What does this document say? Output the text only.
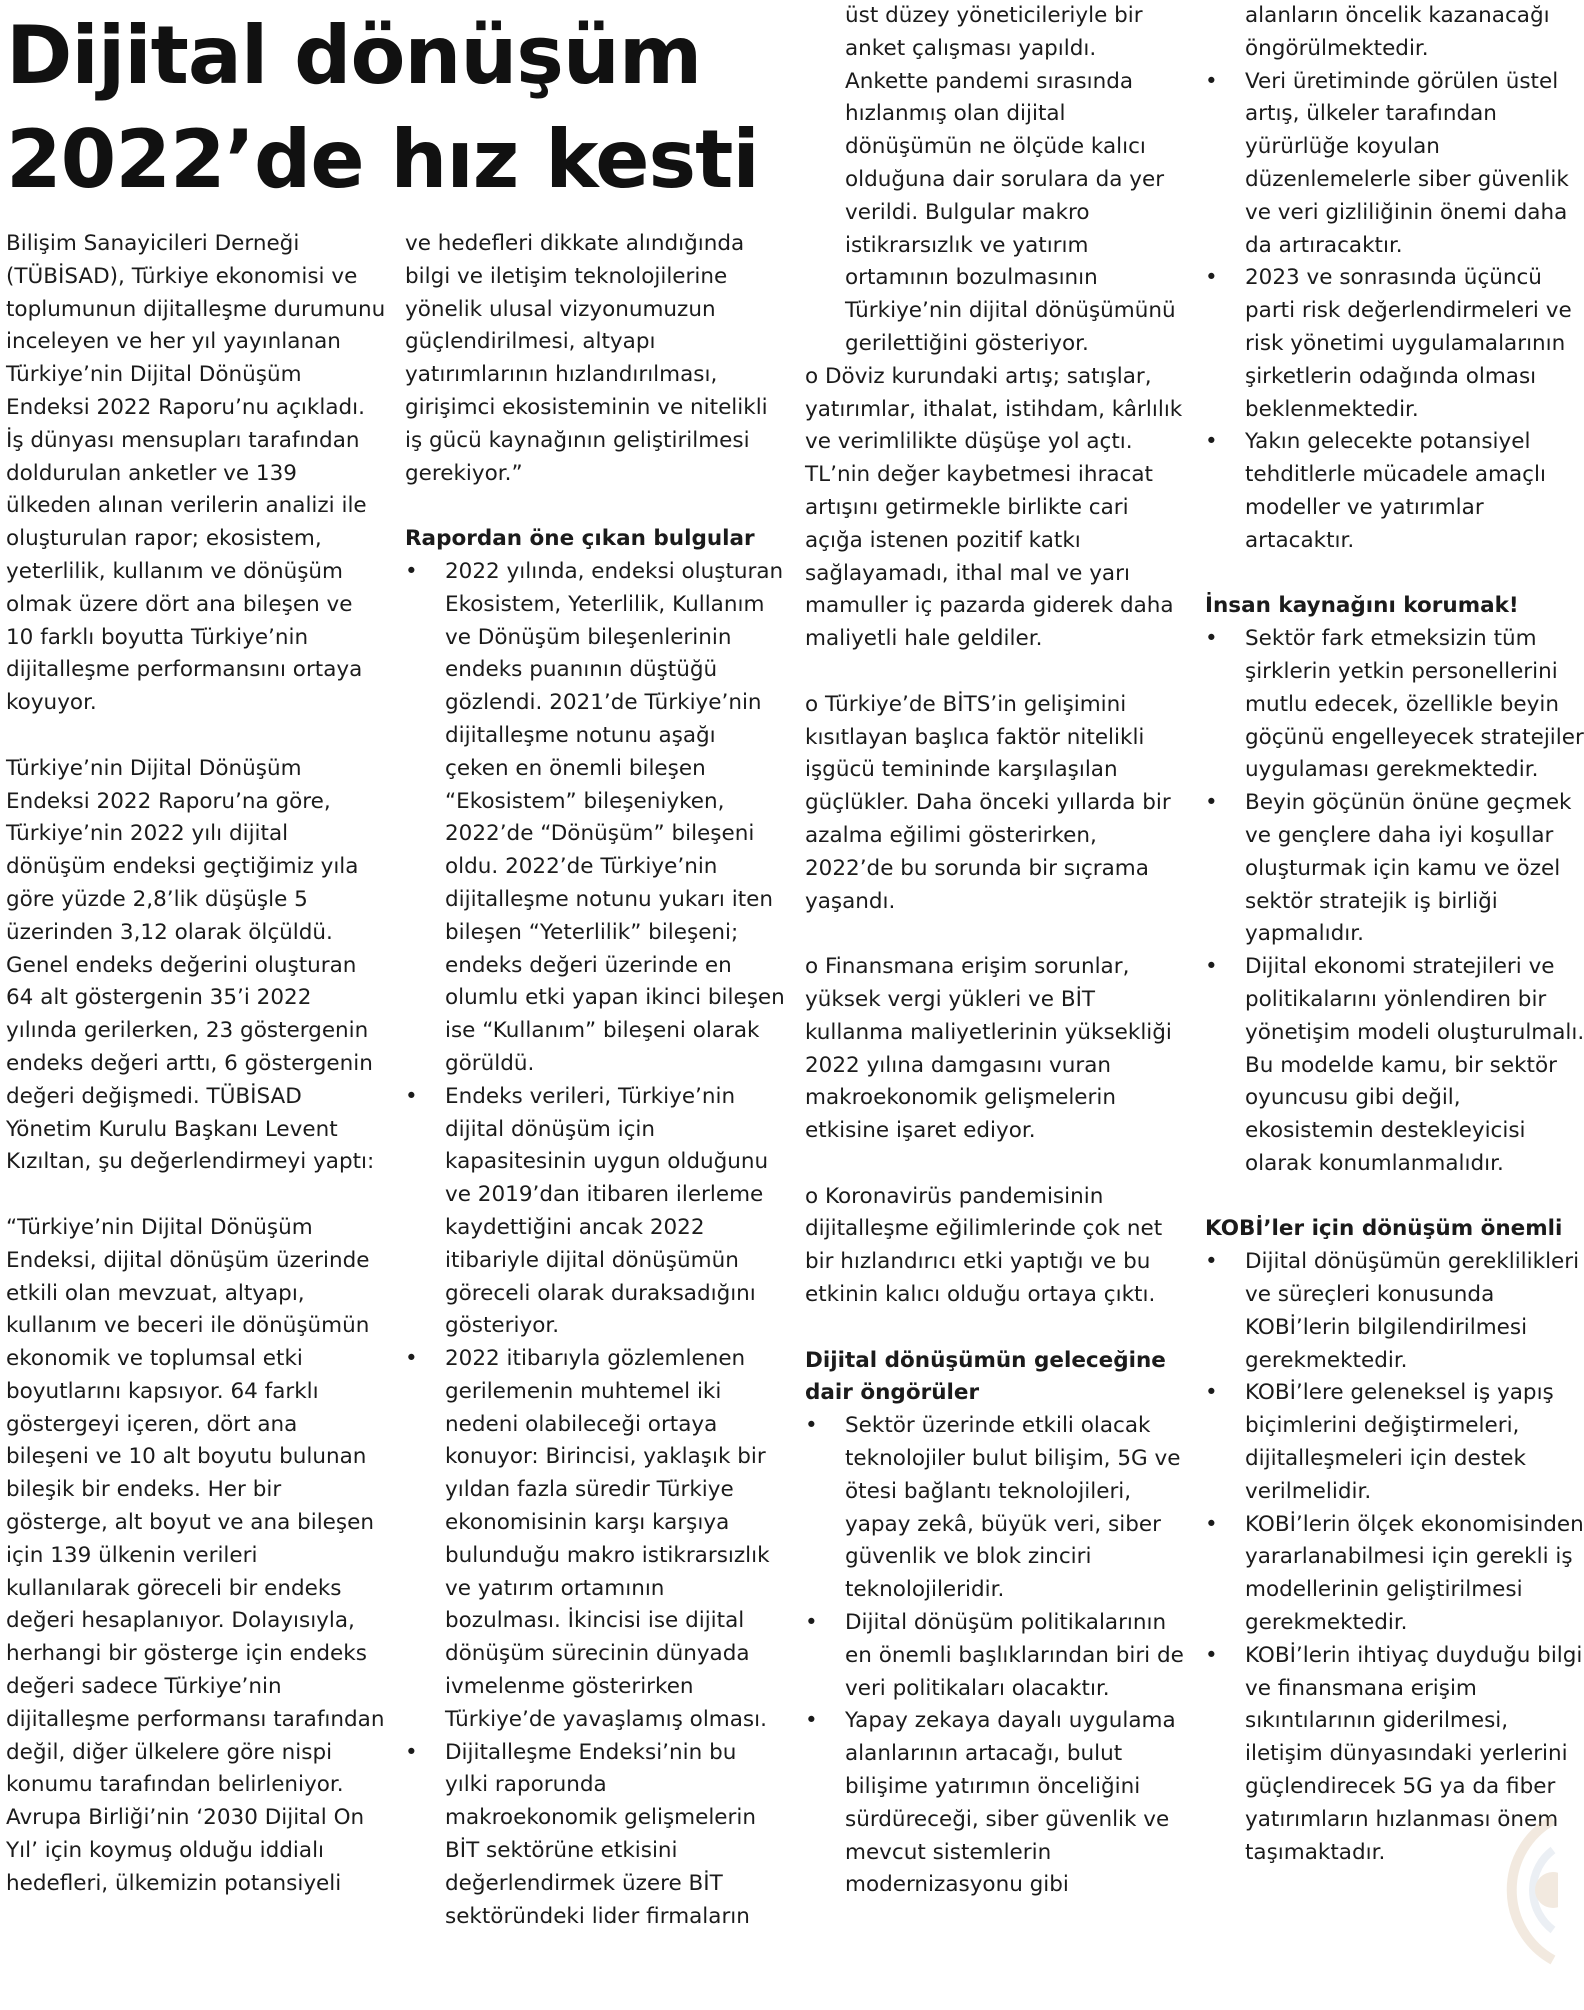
Dijital dönüşüm
2022’de hız kesti

Bilişim Sanayicileri Derneği (TÜBİSAD), Türkiye ekonomisi ve toplumunun dijitalleşme durumunu inceleyen ve her yıl yayınlanan Türkiye’nin Dijital Dönüşüm Endeksi 2022 Raporu’nu açıkladı. İş dünyası mensupları tarafından doldurulan anketler ve 139 ülkeden alınan verilerin analizi ile oluşturulan rapor; ekosistem, yeterlilik, kullanım ve dönüşüm olmak üzere dört ana bileşen ve 10 farklı boyutta Türkiye’nin dijitalleşme performansını ortaya koyuyor.

Türkiye’nin Dijital Dönüşüm Endeksi 2022 Raporu’na göre, Türkiye’nin 2022 yılı dijital dönüşüm endeksi geçtiğimiz yıla göre yüzde 2,8’lik düşüşle 5 üzerinden 3,12 olarak ölçüldü. Genel endeks değerini oluşturan 64 alt göstergenin 35’i 2022 yılında gerilerken, 23 göstergenin endeks değeri arttı, 6 göstergenin değeri değişmedi. TÜBİSAD Yönetim Kurulu Başkanı Levent Kızıltan, şu değerlendirmeyi yaptı:

“Türkiye’nin Dijital Dönüşüm Endeksi, dijital dönüşüm üzerinde etkili olan mevzuat, altyapı, kullanım ve beceri ile dönüşümün ekonomik ve toplumsal etki boyutlarını kapsıyor. 64 farklı göstergeyi içeren, dört ana bileşeni ve 10 alt boyutu bulunan bileşik bir endeks. Her bir gösterge, alt boyut ve ana bileşen için 139 ülkenin verileri kullanılarak göreceli bir endeks değeri hesaplanıyor. Dolayısıyla, herhangi bir gösterge için endeks değeri sadece Türkiye’nin dijitalleşme performansı tarafından değil, diğer ülkelere göre nispi konumu tarafından belirleniyor. Avrupa Birliği’nin ‘2030 Dijital On Yıl’ için koymuş olduğu iddialı hedefleri, ülkemizin potansiyeli

ve hedefleri dikkate alındığında bilgi ve iletişim teknolojilerine yönelik ulusal vizyonumuzun güçlendirilmesi, altyapı yatırımlarının hızlandırılması, girişimci ekosisteminin ve nitelikli iş gücü kaynağının geliştirilmesi gerekiyor.”

Rapordan öne çıkan bulgular
• 2022 yılında, endeksi oluşturan Ekosistem, Yeterlilik, Kullanım ve Dönüşüm bileşenlerinin endeks puanının düştüğü gözlendi. 2021’de Türkiye’nin dijitalleşme notunu aşağı çeken en önemli bileşen “Ekosistem” bileşeniyken, 2022’de “Dönüşüm” bileşeni oldu. 2022’de Türkiye’nin dijitalleşme notunu yukarı iten bileşen “Yeterlilik” bileşeni; endeks değeri üzerinde en olumlu etki yapan ikinci bileşen ise “Kullanım” bileşeni olarak görüldü.
• Endeks verileri, Türkiye’nin dijital dönüşüm için kapasitesinin uygun olduğunu ve 2019’dan itibaren ilerleme kaydettiğini ancak 2022 itibariyle dijital dönüşümün göreceli olarak duraksadığını gösteriyor.
• 2022 itibarıyla gözlemlenen gerilemenin muhtemel iki nedeni olabileceği ortaya konuyor: Birincisi, yaklaşık bir yıldan fazla süredir Türkiye ekonomisinin karşı karşıya bulunduğu makro istikrarsızlık ve yatırım ortamının bozulması. İkincisi ise dijital dönüşüm sürecinin dünyada ivmelenme gösterirken Türkiye’de yavaşlamış olması.
• Dijitalleşme Endeksi’nin bu yılki raporunda makroekonomik gelişmelerin BİT sektörüne etkisini değerlendirmek üzere BİT sektöründeki lider firmaların
üst düzey yöneticileriyle bir anket çalışması yapıldı. Ankette pandemi sırasında hızlanmış olan dijital dönüşümün ne ölçüde kalıcı olduğuna dair sorulara da yer verildi. Bulgular makro istikrarsızlık ve yatırım ortamının bozulmasının Türkiye’nin dijital dönüşümünü gerilettiğini gösteriyor.

o Döviz kurundaki artış; satışlar, yatırımlar, ithalat, istihdam, kârlılık ve verimlilikte düşüşe yol açtı. TL’nin değer kaybetmesi ihracat artışını getirmekle birlikte cari açığa istenen pozitif katkı sağlayamadı, ithal mal ve yarı mamuller iç pazarda giderek daha maliyetli hale geldiler.

o Türkiye’de BİTS’in gelişimini kısıtlayan başlıca faktör nitelikli işgücü temininde karşılaşılan güçlükler. Daha önceki yıllarda bir azalma eğilimi gösterirken, 2022’de bu sorunda bir sıçrama yaşandı.

o Finansmana erişim sorunlar, yüksek vergi yükleri ve BİT kullanma maliyetlerinin yüksekliği 2022 yılına damgasını vuran makroekonomik gelişmelerin etkisine işaret ediyor.

o Koronavirüs pandemisinin dijitalleşme eğilimlerinde çok net bir hızlandırıcı etki yaptığı ve bu etkinin kalıcı olduğu ortaya çıktı.

Dijital dönüşümün geleceğine dair öngörüler
• Sektör üzerinde etkili olacak teknolojiler bulut bilişim, 5G ve ötesi bağlantı teknolojileri, yapay zekâ, büyük veri, siber güvenlik ve blok zinciri teknolojileridir.
• Dijital dönüşüm politikalarının en önemli başlıklarından biri de veri politikaları olacaktır.
• Yapay zekaya dayalı uygulama alanlarının artacağı, bulut bilişime yatırımın önceliğini sürdüreceği, siber güvenlik ve mevcut sistemlerin modernizasyonu gibi
alanların öncelik kazanacağı öngörülmektedir.
• Veri üretiminde görülen üstel artış, ülkeler tarafından yürürlüğe koyulan düzenlemelerle siber güvenlik ve veri gizliliğinin önemi daha da artıracaktır.
• 2023 ve sonrasında üçüncü parti risk değerlendirmeleri ve risk yönetimi uygulamalarının şirketlerin odağında olması beklenmektedir.
• Yakın gelecekte potansiyel tehditlerle mücadele amaçlı modeller ve yatırımlar artacaktır.
İnsan kaynağını korumak!
• Sektör fark etmeksizin tüm şirklerin yetkin personellerini mutlu edecek, özellikle beyin göçünü engelleyecek stratejiler uygulaması gerekmektedir.
• Beyin göçünün önüne geçmek ve gençlere daha iyi koşullar oluşturmak için kamu ve özel sektör stratejik iş birliği yapmalıdır.
• Dijital ekonomi stratejileri ve politikalarını yönlendiren bir yönetişim modeli oluşturulmalı. Bu modelde kamu, bir sektör oyuncusu gibi değil, ekosistemin destekleyicisi olarak konumlanmalıdır.
KOBİ’ler için dönüşüm önemli
• Dijital dönüşümün gereklilikleri ve süreçleri konusunda KOBİ’lerin bilgilendirilmesi gerekmektedir.
• KOBİ’lere geleneksel iş yapış biçimlerini değiştirmeleri, dijitalleşmeleri için destek verilmelidir.
• KOBİ’lerin ölçek ekonomisinden yararlanabilmesi için gerekli iş modellerinin geliştirilmesi gerekmektedir.
• KOBİ’lerin ihtiyaç duyduğu bilgi ve finansmana erişim sıkıntılarının giderilmesi, iletişim dünyasındaki yerlerini güçlendirecek 5G ya da fiber yatırımların hızlanması önem taşımaktadır.
